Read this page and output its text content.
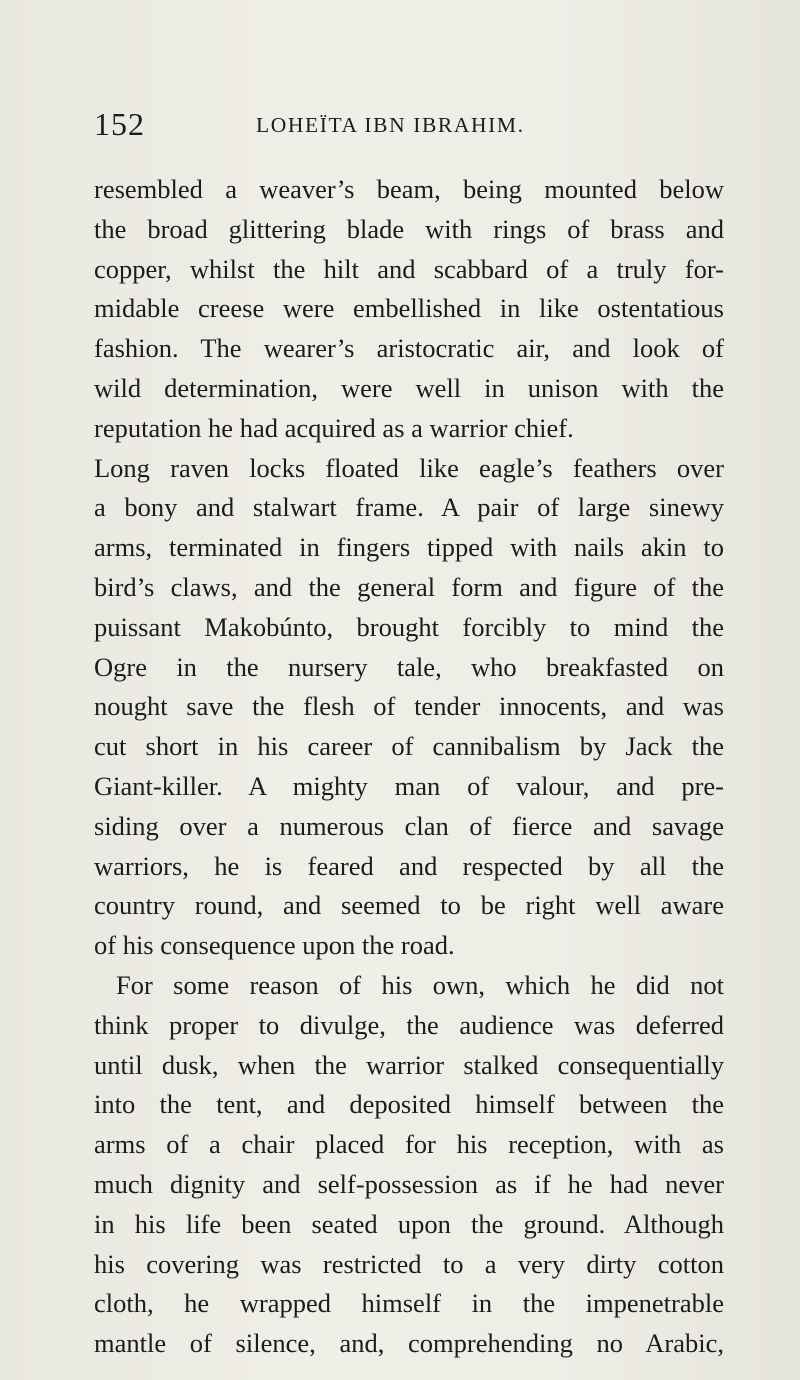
152	LOHEÏTA IBN IBRAHIM.
resembled a weaver’s beam, being mounted below
the broad glittering blade with rings of brass and
copper, whilst the hilt and scabbard of a truly for-
midable creese were embellished in like ostentatious
fashion. The wearer’s aristocratic air, and look of
wild determination, were well in unison with the
reputation he had acquired as a warrior chief.
Long raven locks floated like eagle’s feathers over
a bony and stalwart frame. A pair of large sinewy
arms, terminated in fingers tipped with nails akin to
bird’s claws, and the general form and figure of the
puissant Makobúnto, brought forcibly to mind the
Ogre in the nursery tale, who breakfasted on
nought save the flesh of tender innocents, and was
cut short in his career of cannibalism by Jack the
Giant-killer. A mighty man of valour, and pre-
siding over a numerous clan of fierce and savage
warriors, he is feared and respected by all the
country round, and seemed to be right well aware
of his consequence upon the road.
For some reason of his own, which he did not
think proper to divulge, the audience was deferred
until dusk, when the warrior stalked consequentially
into the tent, and deposited himself between the
arms of a chair placed for his reception, with as
much dignity and self-possession as if he had never
in his life been seated upon the ground. Although
his covering was restricted to a very dirty cotton
cloth, he wrapped himself in the impenetrable
mantle of silence, and, comprehending no Arabic,
